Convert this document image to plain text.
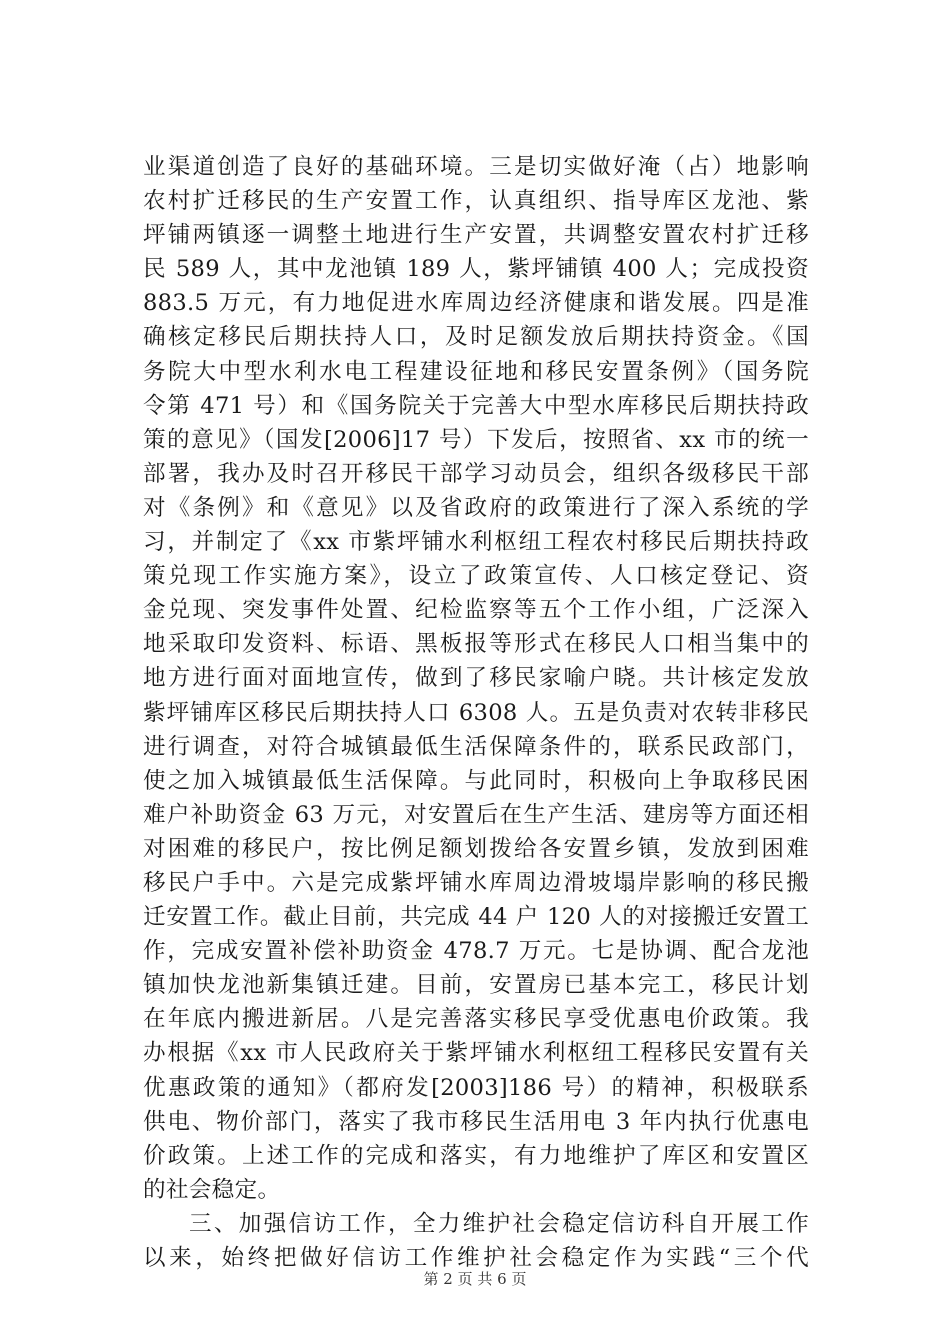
业渠道创造了良好的基础环境。三是切实做好淹（占）地影响
农村扩迁移民的生产安置工作，认真组织、指导库区龙池、紫
坪铺两镇逐一调整土地进行生产安置，共调整安置农村扩迁移
民 589 人，其中龙池镇 189 人，紫坪铺镇 400 人；完成投资
883.5 万元，有力地促进水库周边经济健康和谐发展。四是准
确核定移民后期扶持人口，及时足额发放后期扶持资金。《国
务院大中型水利水电工程建设征地和移民安置条例》（国务院
令第 471 号）和《国务院关于完善大中型水库移民后期扶持政
策的意见》（国发[2006]17 号）下发后，按照省、xx 市的统一
部署，我办及时召开移民干部学习动员会，组织各级移民干部
对《条例》和《意见》以及省政府的政策进行了深入系统的学
习，并制定了《xx 市紫坪铺水利枢纽工程农村移民后期扶持政
策兑现工作实施方案》，设立了政策宣传、人口核定登记、资
金兑现、突发事件处置、纪检监察等五个工作小组，广泛深入
地采取印发资料、标语、黑板报等形式在移民人口相当集中的
地方进行面对面地宣传，做到了移民家喻户晓。共计核定发放
紫坪铺库区移民后期扶持人口 6308 人。五是负责对农转非移民
进行调查，对符合城镇最低生活保障条件的，联系民政部门，
使之加入城镇最低生活保障。与此同时，积极向上争取移民困
难户补助资金 63 万元，对安置后在生产生活、建房等方面还相
对困难的移民户，按比例足额划拨给各安置乡镇，发放到困难
移民户手中。六是完成紫坪铺水库周边滑坡塌岸影响的移民搬
迁安置工作。截止目前，共完成 44 户 120 人的对接搬迁安置工
作，完成安置补偿补助资金 478.7 万元。七是协调、配合龙池
镇加快龙池新集镇迁建。目前，安置房已基本完工，移民计划
在年底内搬进新居。八是完善落实移民享受优惠电价政策。我
办根据《xx 市人民政府关于紫坪铺水利枢纽工程移民安置有关
优惠政策的通知》（都府发[2003]186 号）的精神，积极联系
供电、物价部门，落实了我市移民生活用电 3 年内执行优惠电
价政策。上述工作的完成和落实，有力地维护了库区和安置区
的社会稳定。
三、加强信访工作，全力维护社会稳定信访科自开展工作
以来，始终把做好信访工作维护社会稳定作为实践“三个代
第 2 页 共 6 页
